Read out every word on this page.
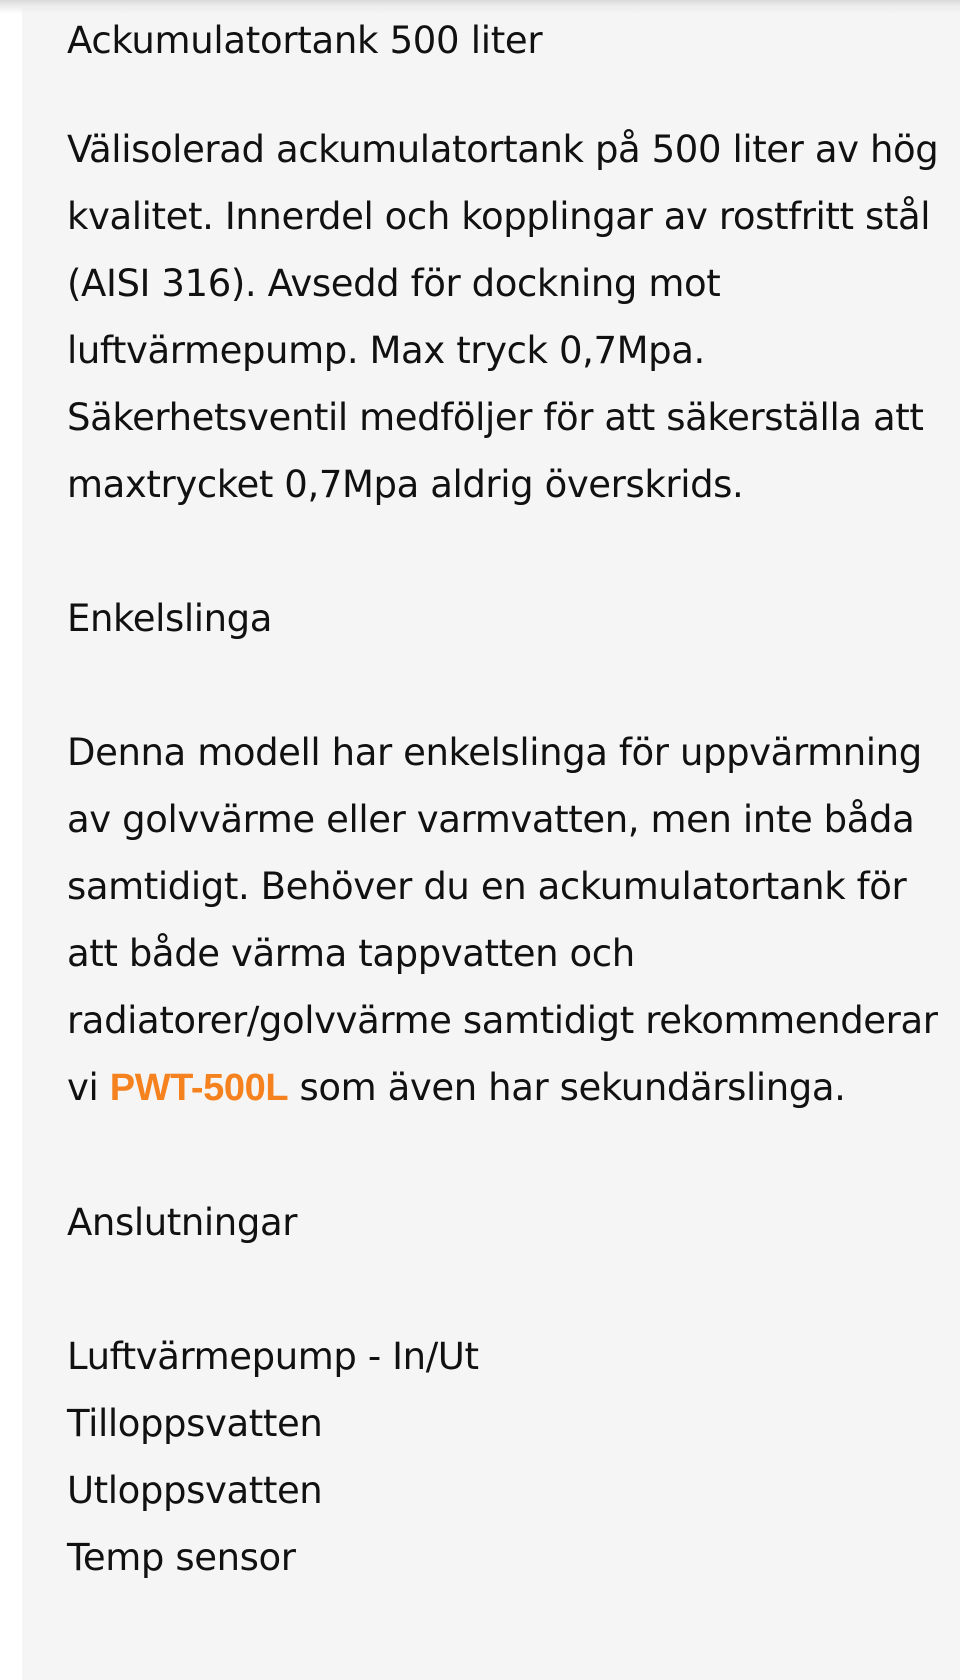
Ackumulatortank 500 liter

Välisolerad ackumulatortank på 500 liter av hög kvalitet. Innerdel och kopplingar av rostfritt stål (AISI 316). Avsedd för dockning mot luftvärmepump. Max tryck 0,7Mpa. Säkerhetsventil medföljer för att säkerställa att maxtrycket 0,7Mpa aldrig överskrids.

Enkelslinga

Denna modell har enkelslinga för uppvärmning av golvvärme eller varmvatten, men inte båda samtidigt. Behöver du en ackumulatortank för att både värma tappvatten och radiatorer/golvvärme samtidigt rekommenderar vi PWT-500L som även har sekundärslinga.

Anslutningar

Luftvärmepump - In/Ut
Tilloppsvatten
Utloppsvatten
Temp sensor
